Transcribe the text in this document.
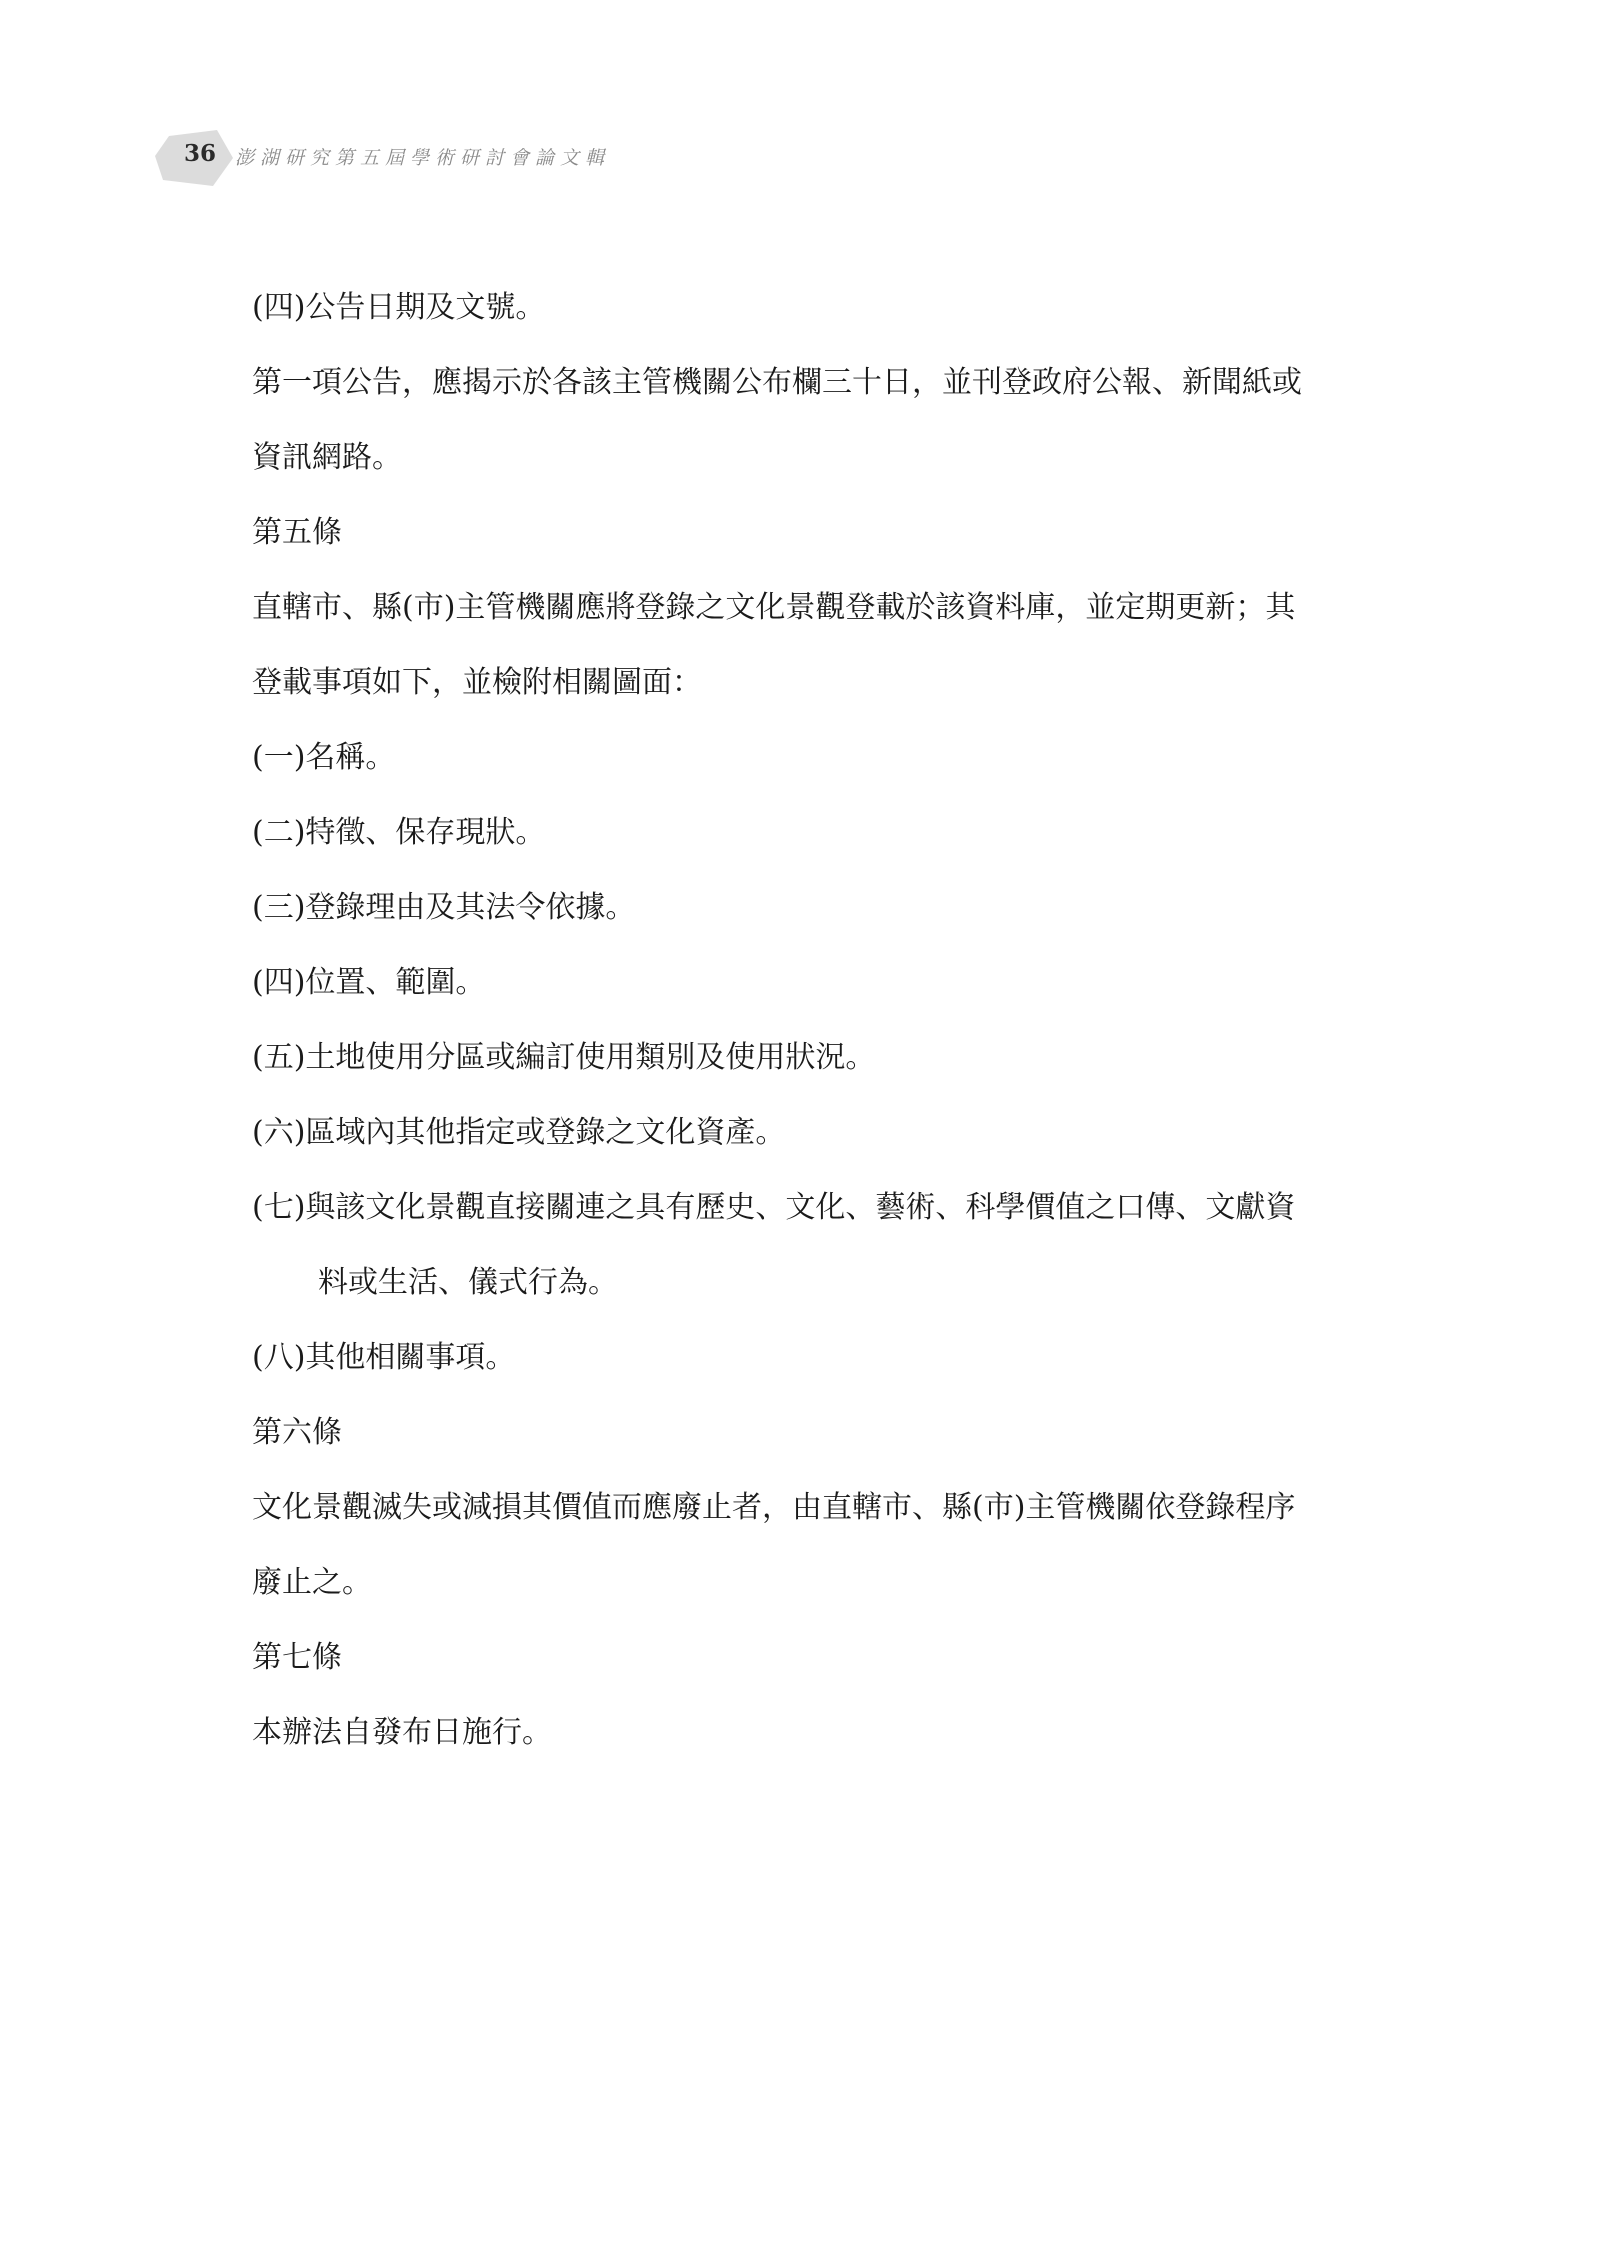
36	澎湖研究第五屆學術研討會論文輯
(四)公告日期及文號。
第一項公告，應揭示於各該主管機關公布欄三十日，並刊登政府公報、新聞紙或
資訊網路。
第五條
直轄市、縣(市)主管機關應將登錄之文化景觀登載於該資料庫，並定期更新；其
登載事項如下，並檢附相關圖面：
(一)名稱。
(二)特徵、保存現狀。
(三)登錄理由及其法令依據。
(四)位置、範圍。
(五)土地使用分區或編訂使用類別及使用狀況。
(六)區域內其他指定或登錄之文化資產。
(七)與該文化景觀直接關連之具有歷史、文化、藝術、科學價值之口傳、文獻資
料或生活、儀式行為。
(八)其他相關事項。
第六條
文化景觀滅失或減損其價值而應廢止者，由直轄市、縣(市)主管機關依登錄程序
廢止之。
第七條
本辦法自發布日施行。
